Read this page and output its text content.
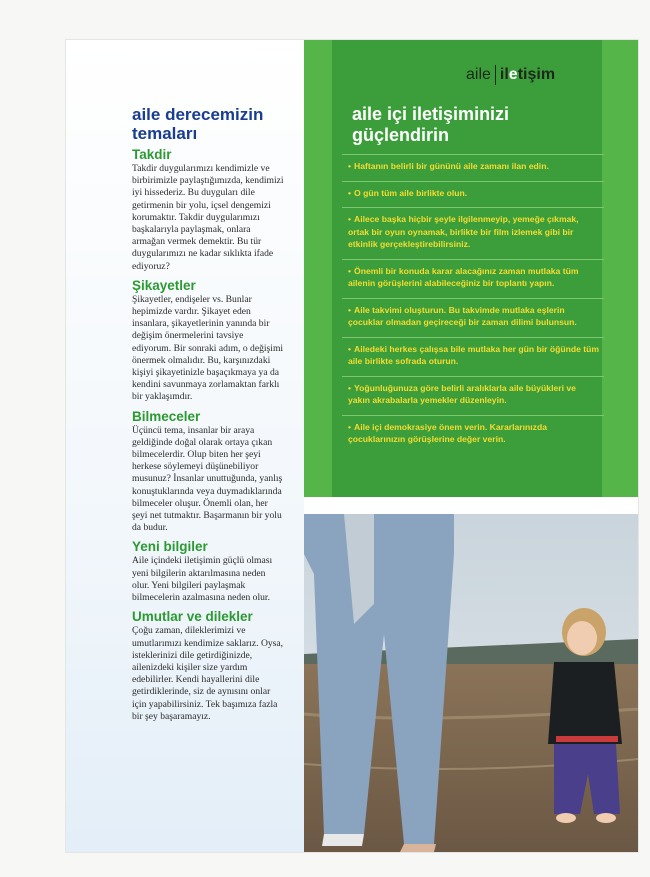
aile derecemizin temaları
Takdir

Takdir duygularımızı kendimizle ve birbirimizle paylaştığımızda, kendimizi iyi hissederiz. Bu duyguları dile getirmenin bir yolu, içsel dengemizi korumaktır. Takdir duygularımızı başkalarıyla paylaşmak, onlara armağan vermek demektir. Bu tür duygularımızı ne kadar sıklıkta ifade ediyoruz?

Şikayetler

Şikayetler, endişeler vs. Bunlar hepimizde vardır. Şikayet eden insanlara, şikayetlerinin yanında bir değişim önermelerini tavsiye ediyorum. Bir sonraki adım, o değişimi önermek olmalıdır. Bu, karşınızdaki kişiyi şikayetinizle başaçıkmaya ya da kendini savunmaya zorlamaktan farklı bir yaklaşımdır.

Bilmeceler

Üçüncü tema, insanlar bir araya geldiğinde doğal olarak ortaya çıkan bilmecelerdir. Olup biten her şeyi herkese söylemeyi düşünebiliyor musunuz? İnsanlar unuttuğunda, yanlış konuştuklarında veya duymadıklarında bilmeceler oluşur. Önemli olan, her şeyi net tutmaktır. Başarmanın bir yolu da budur.

Yeni bilgiler

Aile içindeki iletişimin güçlü olması yeni bilgilerin aktarılmasına neden olur. Yeni bilgileri paylaşmak bilmecelerin azalmasına neden olur.

Umutlar ve dilekler

Çoğu zaman, dileklerimizi ve umutlarımızı kendimize saklarız. Oysa, isteklerinizi dile getirdiğinizde, ailenizdeki kişiler size yardım edebilirler. Kendi hayallerini dile getirdiklerinde, siz de aynısını onlar için yapabilirsiniz. Tek başımıza fazla bir şey başaramayız.

aile iletişim
aile içi iletişiminizi güçlendirin
• Haftanın belirli bir gününü aile zamanı ilan edin.
• O gün tüm aile birlikte olun.
• Ailece başka hiçbir şeyle ilgilenmeyip, yemeğe çıkmak, ortak bir oyun oynamak, birlikte bir film izlemek gibi bir etkinlik gerçekleştirebilirsiniz.
• Önemli bir konuda karar alacağınız zaman mutlaka tüm ailenin görüşlerini alabileceğiniz bir toplantı yapın.
• Aile takvimi oluşturun. Bu takvimde mutlaka eşlerin çocuklar olmadan geçireceği bir zaman dilimi bulunsun.
• Ailedeki herkes çalışsa bile mutlaka her gün bir öğünde tüm aile birlikte sofrada oturun.
• Yoğunluğunuza göre belirli aralıklarla aile büyükleri ve yakın akrabalarla yemekler düzenleyin.
• Aile içi demokrasiye önem verin. Kararlarınızda çocuklarınızın görüşlerine değer verin.
